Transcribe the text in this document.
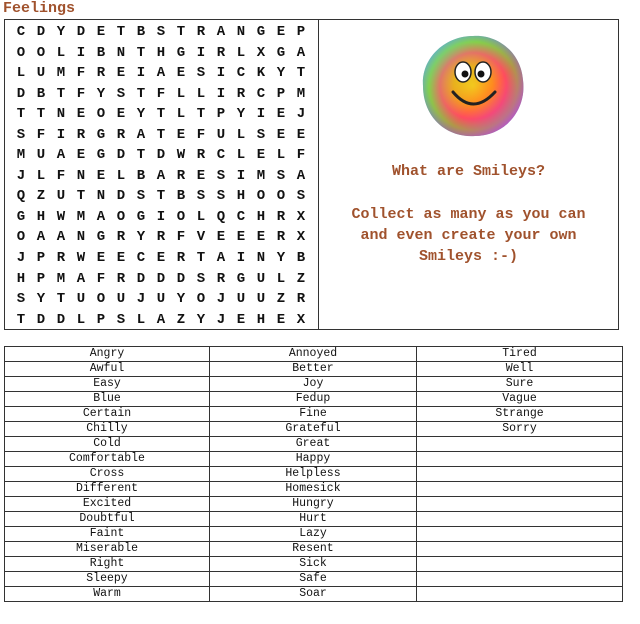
Feelings
C D Y D E T B S T R A N G E P
O O L I B N T H G I R L X G A
L U M F R E I A E S I C K Y T
D B T F Y S T F L L I R C P M
T T N E O E Y T L T P Y I E J
S F I R G R A T E F U L S E E
M U A E G D T D W R C L E L F
J L F N E L B A R E S I M S A
Q Z U T N D S T B S S H O O S
G H W M A O G I O L Q C H R X
O A A N G R Y R F V E E E R X
J P R W E E C E R T A I N Y B
H P M A F R D D D S R G U L Z
S Y T U O U J U Y O J U U Z R
T D D L P S L A Z Y J E H E X
What are Smileys?
Collect as many as you can
and even create your own
Smileys :-)
Angry	Annoyed	Tired
Awful	Better	Well
Easy	Joy	Sure
Blue	Fedup	Vague
Certain	Fine	Strange
Chilly	Grateful	Sorry
Cold	Great	
Comfortable	Happy	
Cross	Helpless	
Different	Homesick	
Excited	Hungry	
Doubtful	Hurt	
Faint	Lazy	
Miserable	Resent	
Right	Sick	
Sleepy	Safe	
Warm	Soar	
